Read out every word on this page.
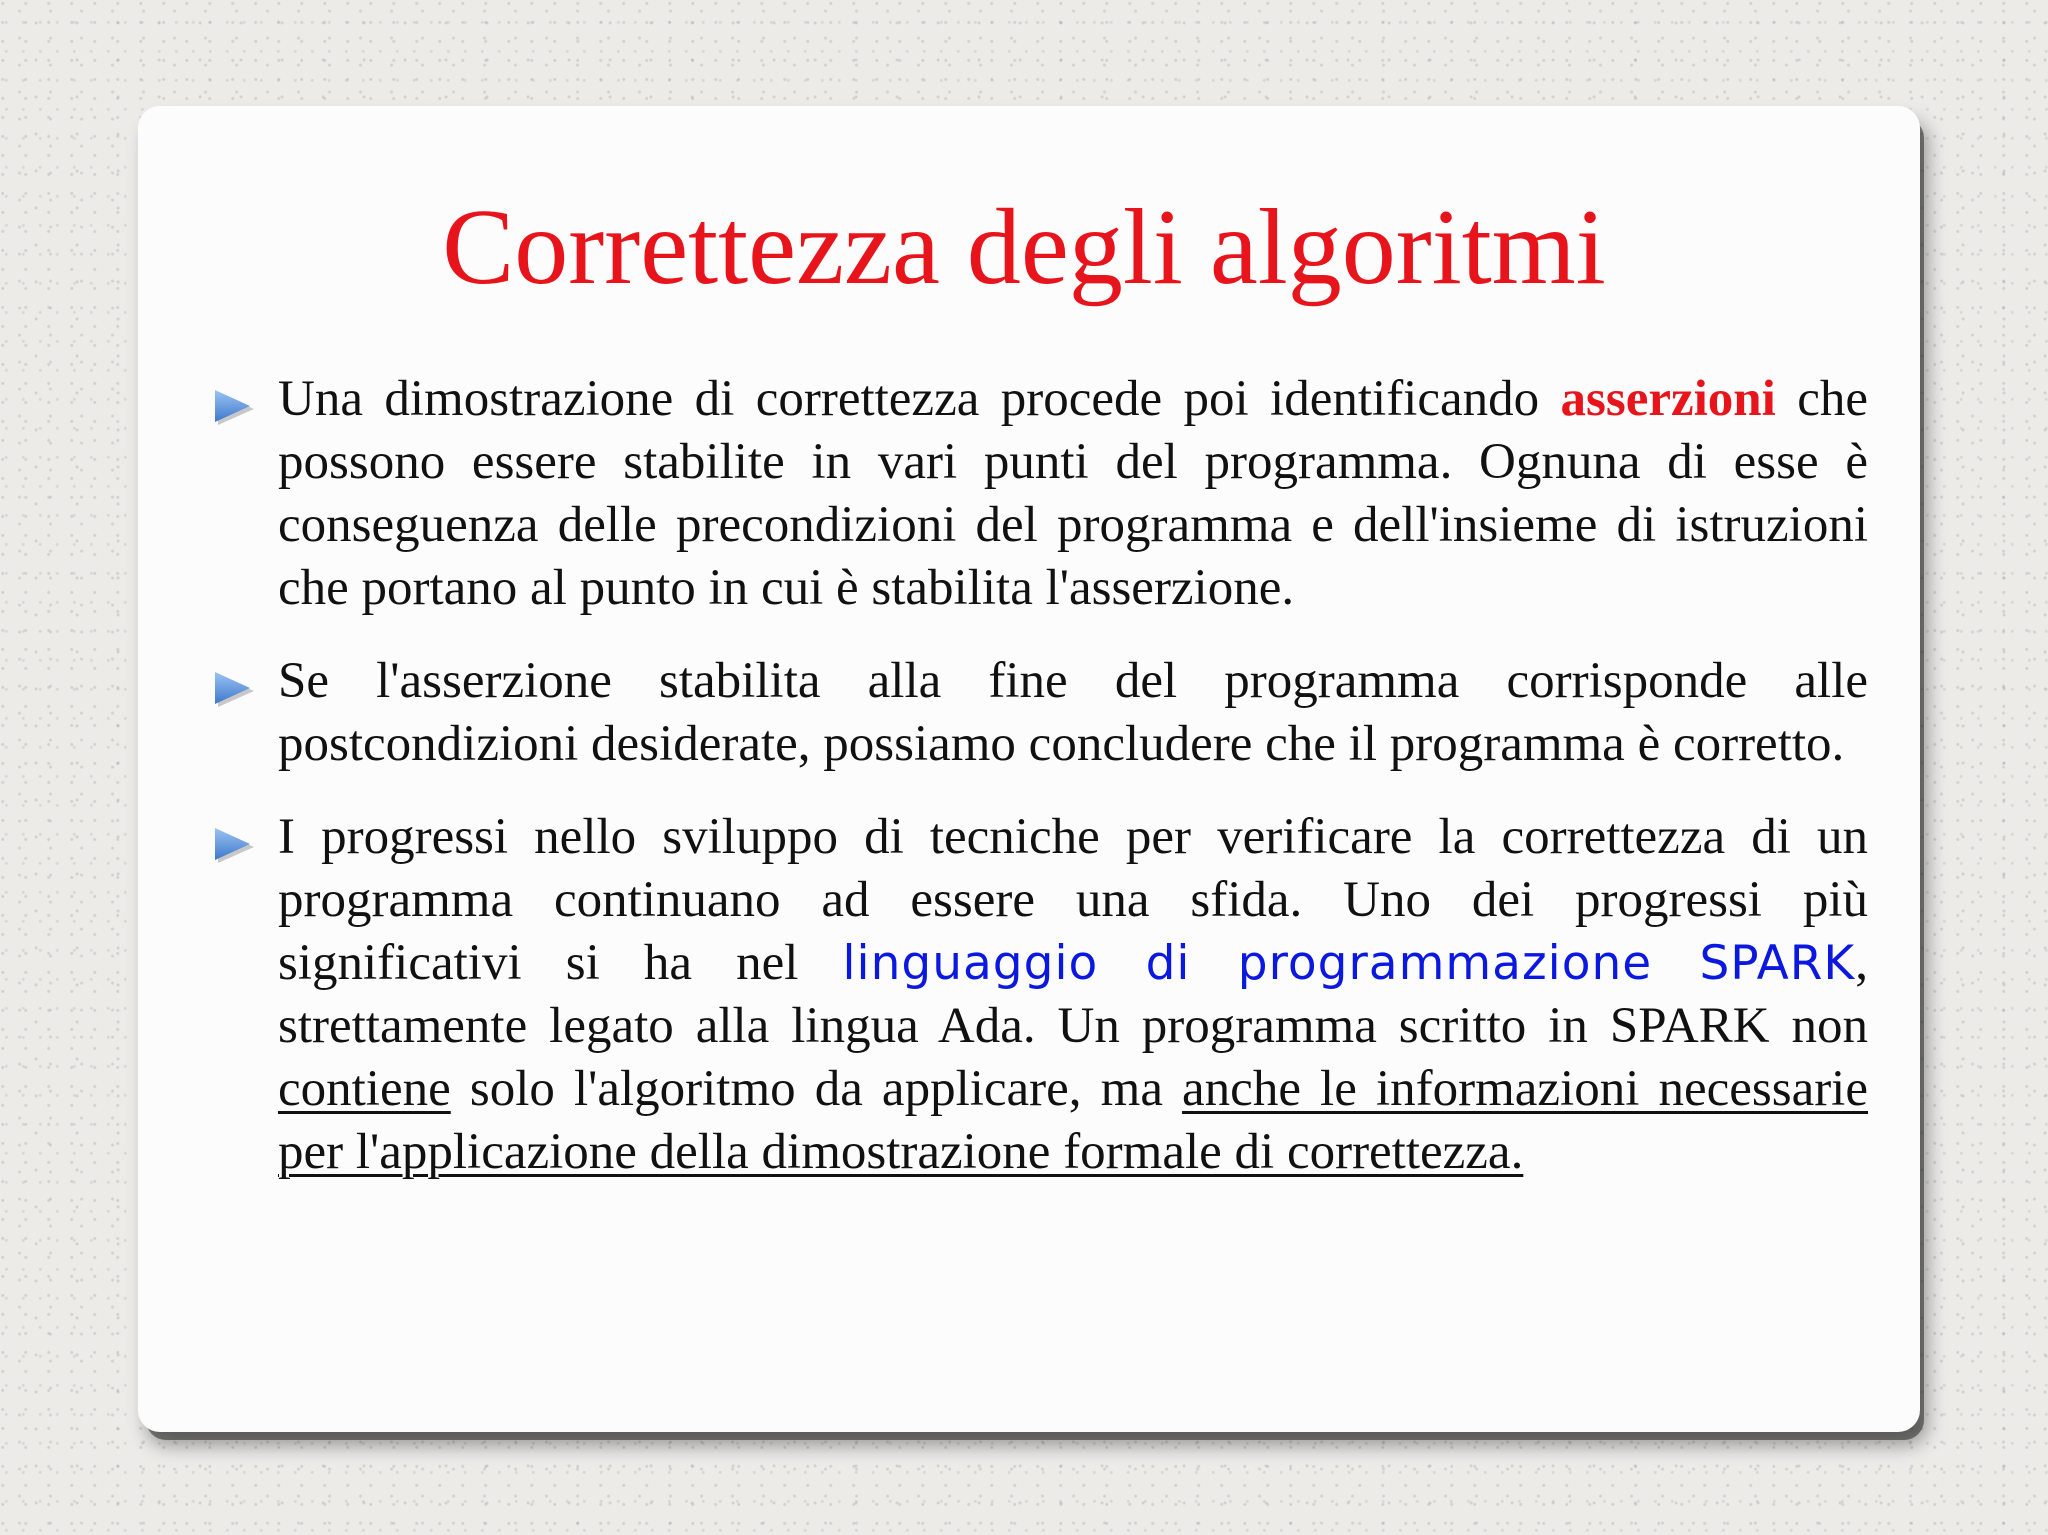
Correttezza degli algoritmi
Una dimostrazione di correttezza procede poi identificando asserzioni che possono essere stabilite in vari punti del programma. Ognuna di esse è conseguenza delle precondizioni del programma e dell'insieme di istruzioni che portano al punto in cui è stabilita l'asserzione.
Se l'asserzione stabilita alla fine del programma corrisponde alle postcondizioni desiderate, possiamo concludere che il programma è corretto.
I progressi nello sviluppo di tecniche per verificare la correttezza di un programma continuano ad essere una sfida. Uno dei progressi più significativi si ha nel linguaggio di programmazione SPARK, strettamente legato alla lingua Ada. Un programma scritto in SPARK non contiene solo l'algoritmo da applicare, ma anche le informazioni necessarie per l'applicazione della dimostrazione formale di correttezza.
